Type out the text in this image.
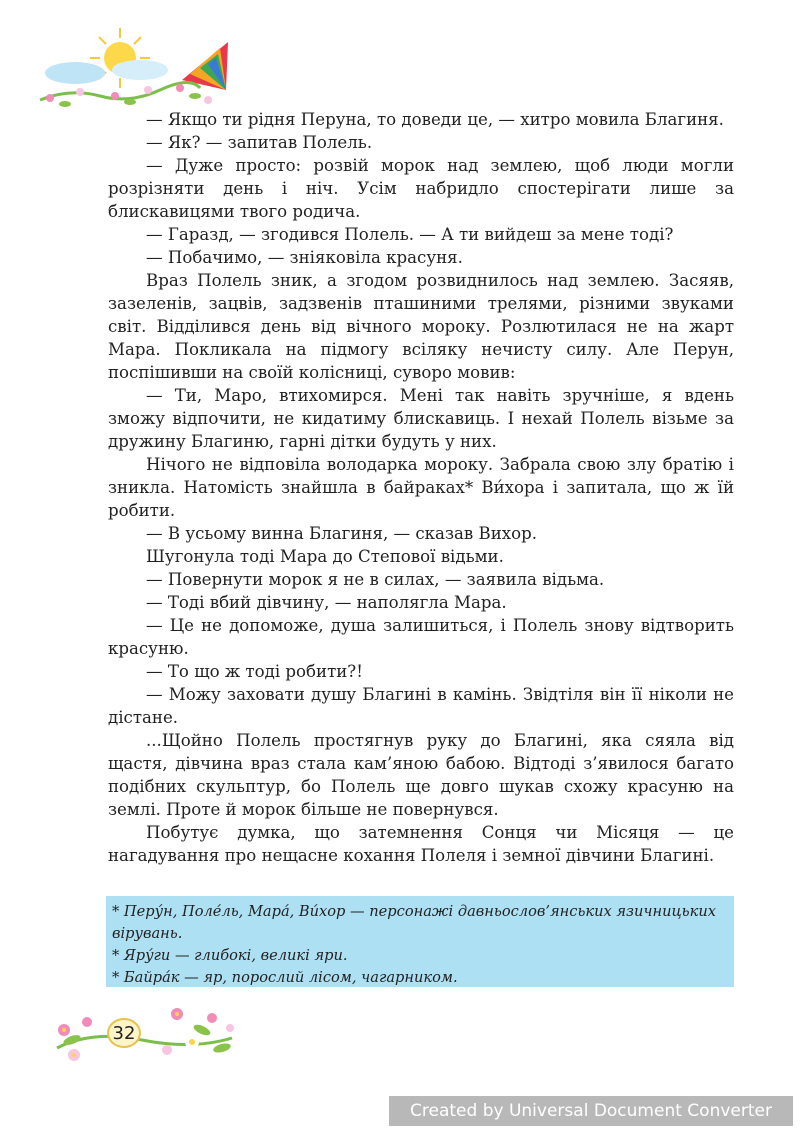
— Якщо ти рідня Перуна, то доведи це, — хитро мовила Благиня.

— Як? — запитав Полель.

— Дуже просто: розвій морок над землею, щоб люди могли розрізняти день і ніч. Усім набридло спостерігати лише за блискавицями твого родича.

— Гаразд, — згодився Полель. — А ти вийдеш за мене тоді?

— Побачимо, — зніяковіла красуня.

Враз Полель зник, а згодом розвиднилось над землею. Засяяв, зазеленів, зацвів, задзвенів пташиними трелями, різними звуками світ. Відділився день від вічного мороку. Розлютилася не на жарт Мара. Покликала на підмогу всіляку нечисту силу. Але Перун, поспішивши на своїй колісниці, суворо мовив:

— Ти, Маро, втихомирся. Мені так навіть зручніше, я вдень зможу відпочити, не кидатиму блискавиць. І нехай Полель візьме за дружину Благиню, гарні дітки будуть у них.

Нічого не відповіла володарка мороку. Забрала свою злу братію і зникла. Натомість знайшла в байраках* Ви́хора і запитала, що ж їй робити.

— В усьому винна Благиня, — сказав Вихор.

Шугонула тоді Мара до Степової відьми.

— Повернути морок я не в силах, — заявила відьма.

— Тоді вбий дівчину, — наполягла Мара.

— Це не допоможе, душа залишиться, і Полель знову відтворить красуню.

— То що ж тоді робити?!

— Можу заховати душу Благині в камінь. Звідтіля він її ніколи не дістане.

...Щойно Полель простягнув руку до Благині, яка сяяла від щастя, дівчина враз стала кам’яною бабою. Відтоді з’явилося багато подібних скульптур, бо Полель ще довго шукав схожу красуню на землі. Проте й морок більше не повернувся.

Побутує думка, що затемнення Сонця чи Місяця — це нагадування про нещасне кохання Полеля і земної дівчини Благині.

* Перу́н, Поле́ль, Мара́, Ви́хор — персонажі давньослов’янських язичницьких вірувань.

* Яру́ги — глибокі, великі яри.

* Байра́к — яр, порослий лісом, чагарником.

32
Created by Universal Document Converter
